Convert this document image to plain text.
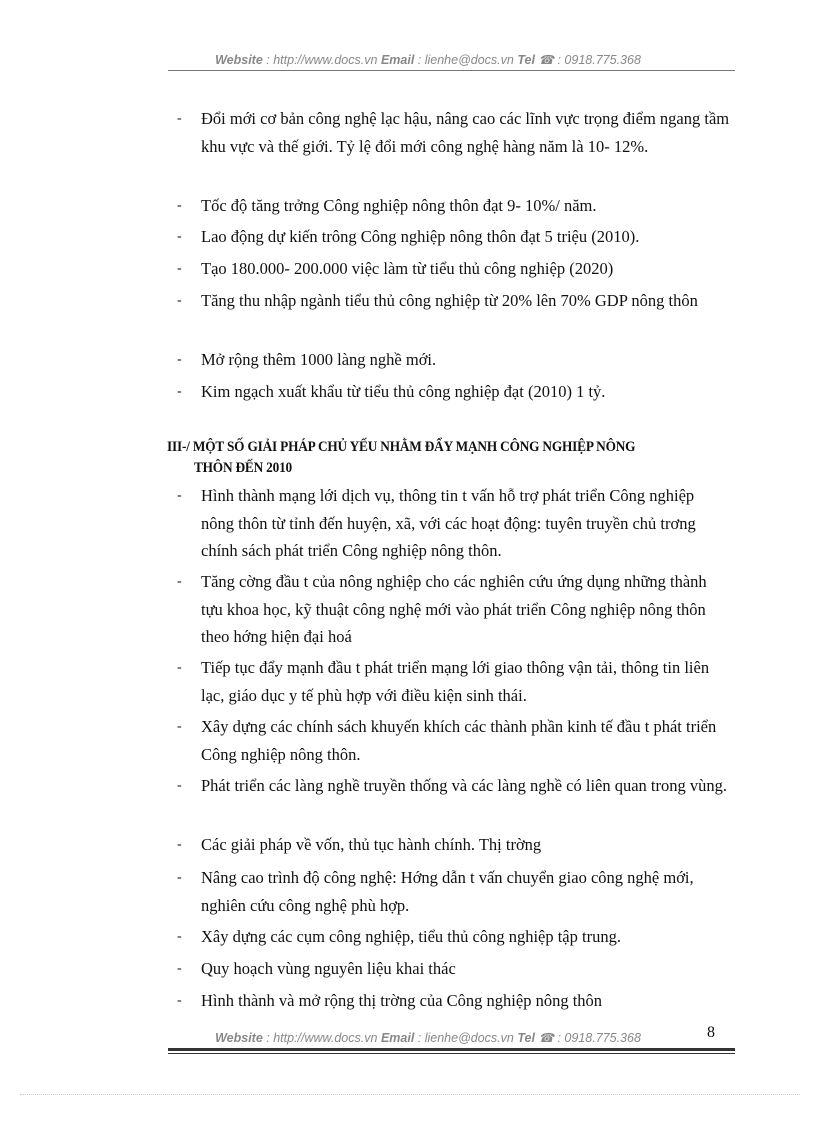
Website : http://www.docs.vn Email : lienhe@docs.vn Tel ☎ : 0918.775.368
- Đổi mới cơ bản công nghệ lạc hậu, nâng cao các lĩnh vực trọng điểm ngang tầm khu vực và thế giới. Tỷ lệ đổi mới công nghệ hàng năm là 10- 12%.
- Tốc độ tăng trởng Công nghiệp nông thôn đạt 9- 10%/ năm.
- Lao động dự kiến trông Công nghiệp nông thôn đạt 5 triệu (2010).
- Tạo 180.000- 200.000 việc làm từ tiểu thủ công nghiệp (2020)
- Tăng thu nhập ngành tiểu thủ công nghiệp từ 20% lên 70% GDP nông thôn
- Mở rộng thêm 1000 làng nghề mới.
- Kim ngạch xuất khẩu từ tiểu thủ công nghiệp đạt (2010) 1 tỷ.
III-/ MỘT SỐ GIẢI PHÁP CHỦ YẾU NHẰM ĐẨY MẠNH CÔNG NGHIỆP NÔNG
THÔN ĐẾN 2010
- Hình thành mạng lới dịch vụ, thông tin t vấn hỗ trợ phát triển Công nghiệp nông thôn từ tỉnh đến huyện, xã, với các hoạt động: tuyên truyền chủ trơng chính sách phát triển Công nghiệp nông thôn.
- Tăng cờng đầu t của nông nghiệp cho các nghiên cứu ứng dụng những thành tựu khoa học, kỹ thuật công nghệ mới vào phát triển Công nghiệp nông thôn theo hớng hiện đại hoá
- Tiếp tục đẩy mạnh đầu t phát triển mạng lới giao thông vận tải, thông tin liên lạc, giáo dục y tế phù hợp với điều kiện sinh thái.
- Xây dựng các chính sách khuyến khích các thành phần kinh tế đầu t phát triển Công nghiệp nông thôn.
- Phát triển các làng nghề truyền thống và các làng nghề có liên quan trong vùng.
- Các giải pháp về vốn, thủ tục hành chính. Thị trờng
- Nâng cao trình độ công nghệ: Hớng dẫn t vấn chuyển giao công nghệ mới, nghiên cứu công nghệ phù hợp.
- Xây dựng các cụm công nghiệp, tiểu thủ công nghiệp tập trung.
- Quy hoạch vùng nguyên liệu khai thác
- Hình thành và mở rộng thị trờng của Công nghiệp nông thôn
Website : http://www.docs.vn Email : lienhe@docs.vn Tel ☎ : 0918.775.368	8
